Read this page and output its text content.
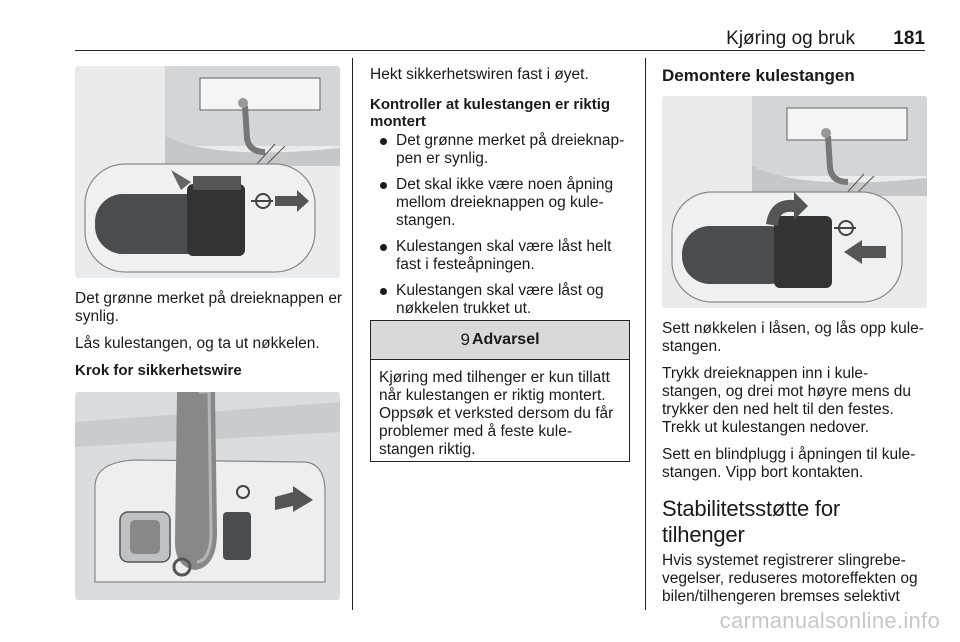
Kjøring og bruk 181

Det grønne merket på dreieknappen er synlig.

Lås kulestangen, og ta ut nøkkelen.

Krok for sikkerhetswire

Hekt sikkerhetswiren fast i øyet.

Kontroller at kulestangen er riktig montert
Det grønne merket på dreieknap-pen er synlig.
Det skal ikke være noen åpning mellom dreieknappen og kule-stangen.
Kulestangen skal være låst helt fast i festeåpningen.
Kulestangen skal være låst og nøkkelen trukket ut.
9 Advarsel
Kjøring med tilhenger er kun tillatt når kulestangen er riktig montert. Oppsøk et verksted dersom du får problemer med å feste kule-stangen riktig.
Demontere kulestangen

Sett nøkkelen i låsen, og lås opp kule-stangen.

Trykk dreieknappen inn i kule-stangen, og drei mot høyre mens du trykker den ned helt til den festes. Trekk ut kulestangen nedover.

Sett en blindplugg i åpningen til kule-stangen. Vipp bort kontakten.

Stabilitetsstøtte for tilhenger

Hvis systemet registrerer slingrebe-vegelser, reduseres motoreffekten og bilen/tilhengeren bremses selektivt

carmanualsonline.info
